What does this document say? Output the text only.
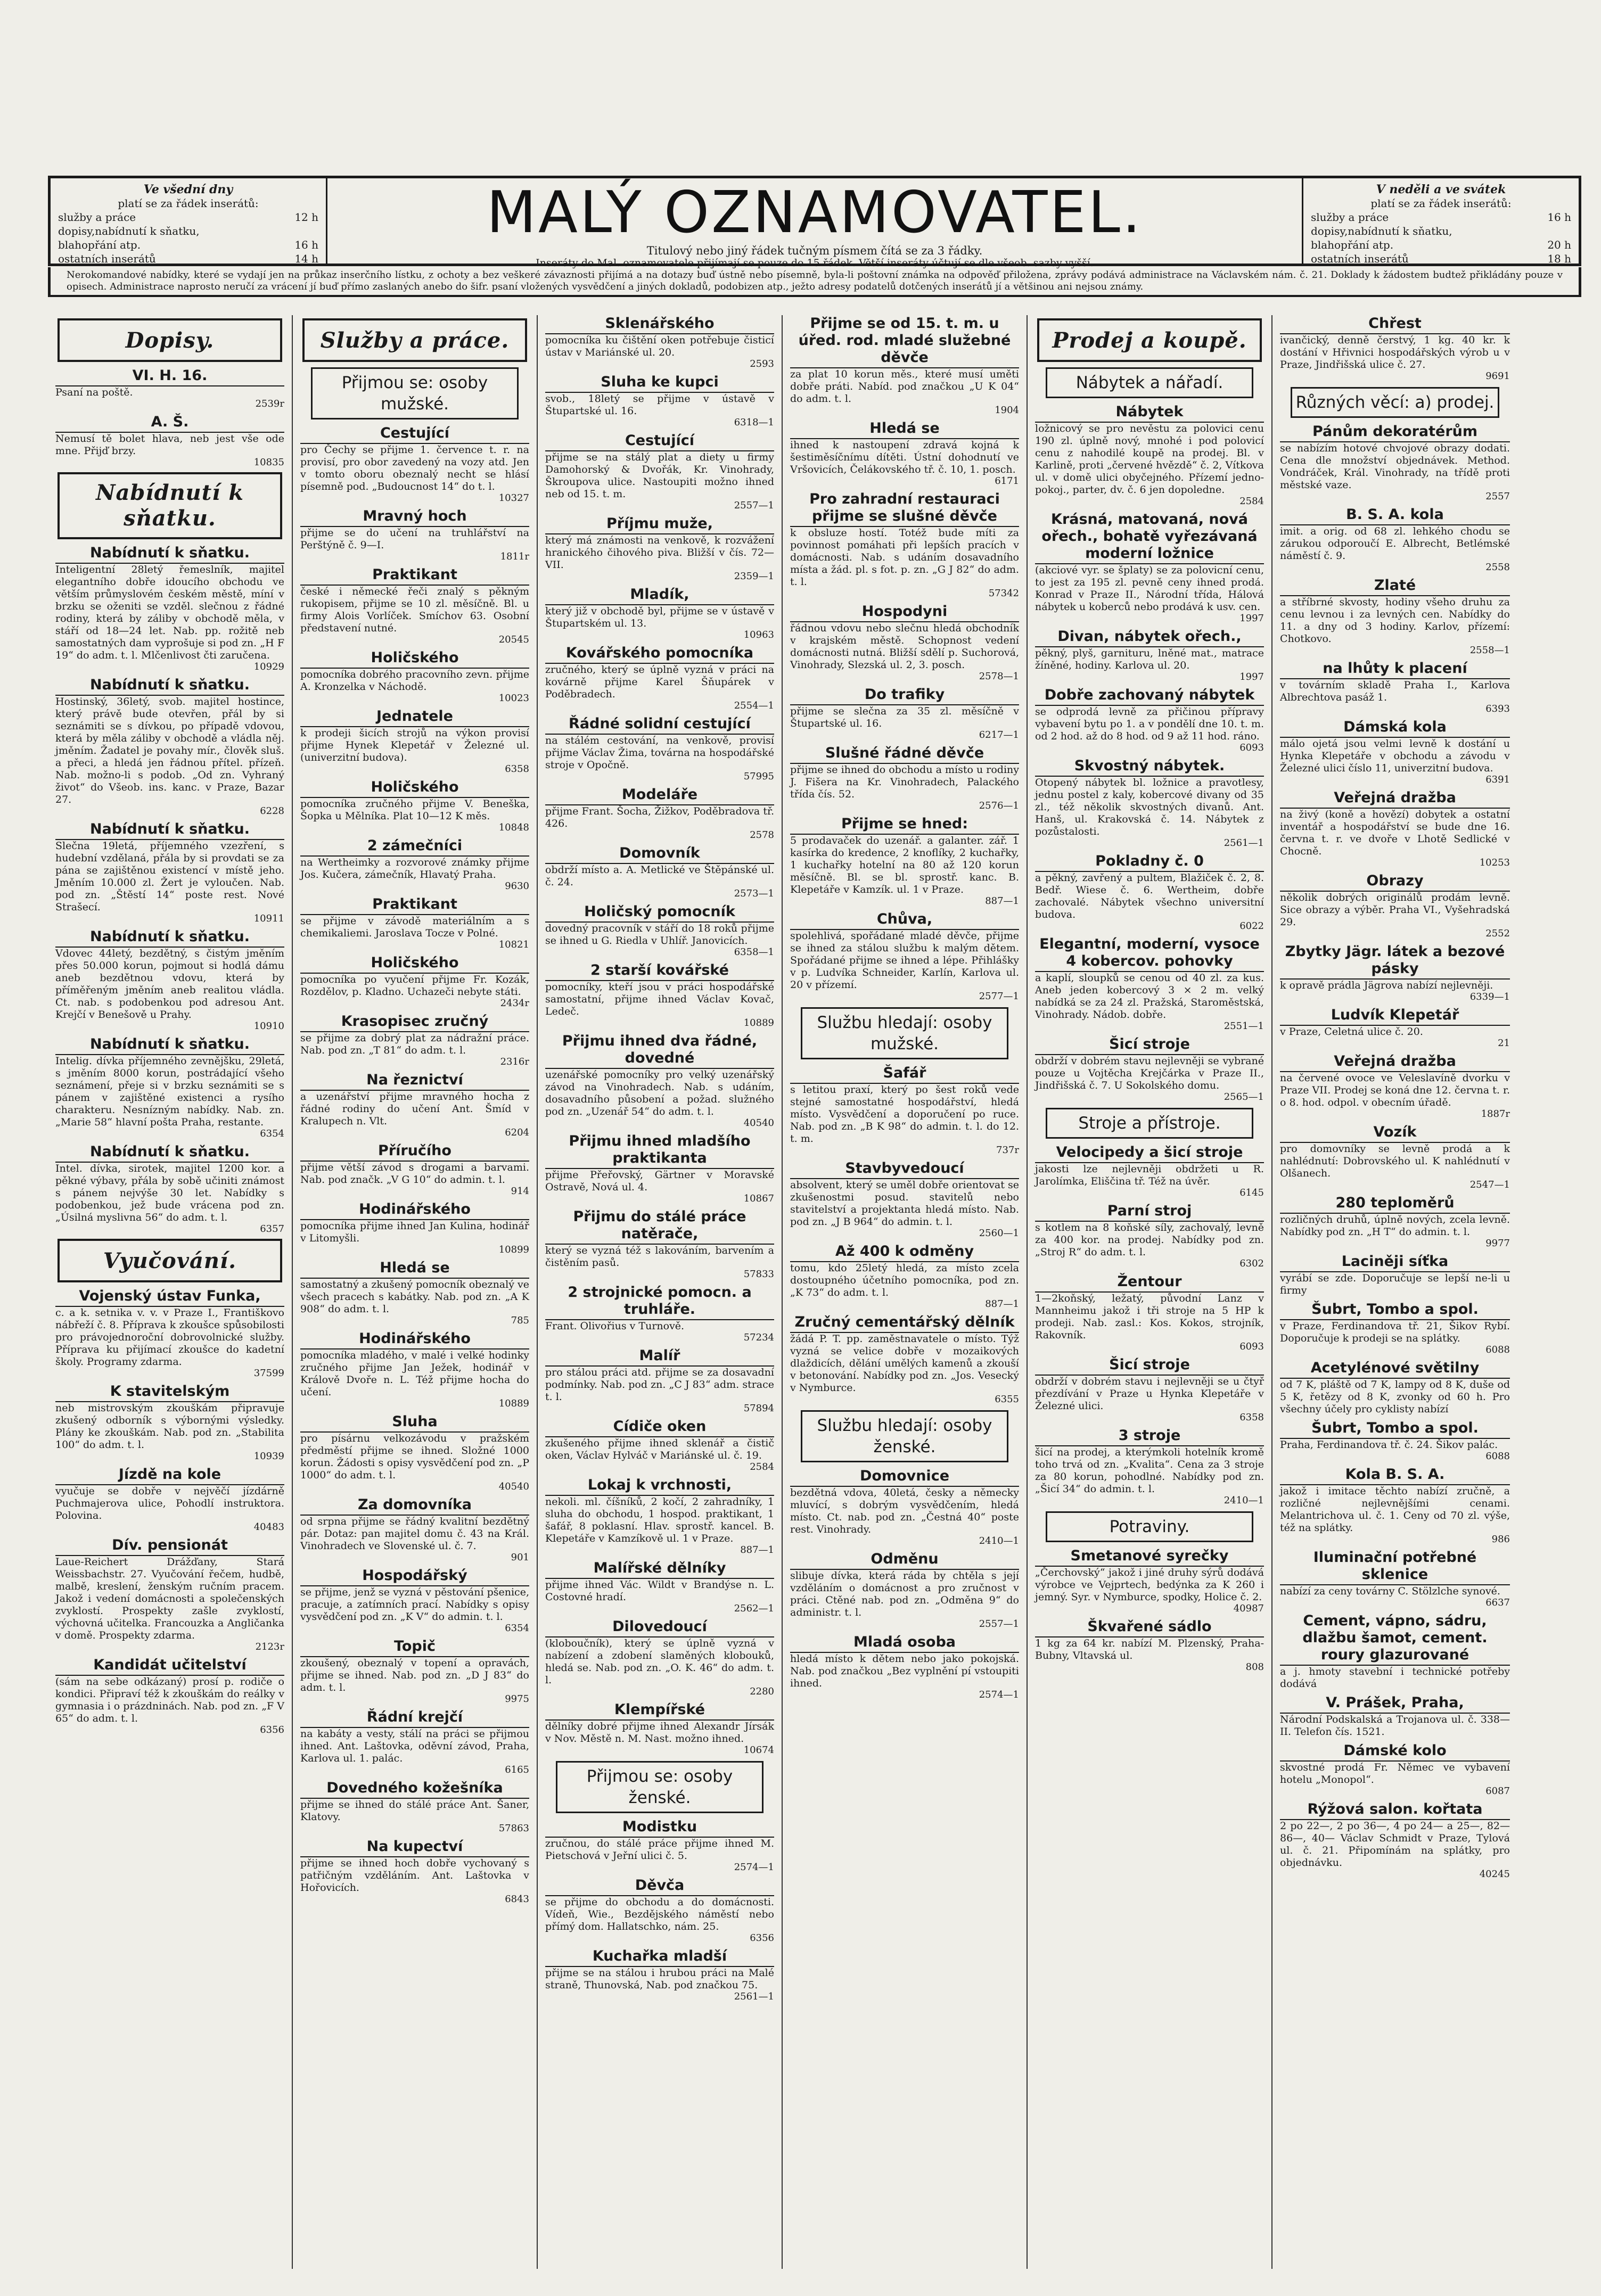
Ve všední dny
platí se za řádek inserátů:
služby a práce	12 h
dopisy,nabídnutí k sňatku,
blahopřání atp.	16 h
ostatních inserátů	14 h
MALÝ OZNAMOVATEL.
Titulový nebo jiný řádek tučným písmem čítá se za 3 řádky.
Inseráty do Mal. oznamovatele přijímají se pouze do 15 řádek. Větší inseráty účtují se dle všeob. sazby vyšší.
V neděli a ve svátek
platí se za řádek inserátů:
služby a práce	16 h
dopisy,nabídnutí k sňatku,
blahopřání atp.	20 h
ostatních inserátů	18 h
Nerokomandové nabídky, které se vydají jen na průkaz inserčního lístku, z ochoty a bez veškeré závaznosti přijímá a na dotazy buď ústně nebo písemně, byla-li poštovní známka na odpověď přiložena, zprávy podává administrace na Václavském nám. č. 21. Doklady k žádostem budtež přikládány pouze v opisech. Administrace naprosto neručí za vrácení jí buď přímo zaslaných anebo do šifr. psaní vložených vysvědčení a jiných dokladů, podobizen atp., ježto adresy podatelů dotčených inserátů jí a většinou ani nejsou známy.
Dopisy.
VI. H. 16.
Psaní na poště.
2539r
A. Š.
Nemusí tě bolet hlava, neb jest vše ode mne. Přijď brzy.
10835
Nabídnutí k sňatku.
Nabídnutí k sňatku.
Inteligentní 28letý řemeslník, majitel elegantního dobře idoucího obchodu ve větším průmyslovém českém městě, míní v brzku se oženiti se vzděl. slečnou z řádné rodiny, která by záliby v obchodě měla, v stáří od 18—24 let. Nab. pp. rožitě neb samostatných dam vyprošuje si pod zn. „H F 19“ do adm. t. l. Mlčenlivost čti zaručena.
10929
Nabídnutí k sňatku.
Hostinský, 36letý, svob. majitel hostince, který právě bude otevřen, přál by si seznámiti se s dívkou, po případě vdovou, která by měla záliby v obchodě a vládla něj. jměním. Žadatel je povahy mír., člověk sluš. a přeci, a hledá jen řádnou přítel. přízeň. Nab. možno-li s podob. „Od zn. Vyhraný život“ do Všeob. ins. kanc. v Praze, Bazar 27.
6228
Nabídnutí k sňatku.
Slečna 19letá, příjemného vzezření, s hudební vzdělaná, přála by si provdati se za pána se zajištěnou existencí v místě jeho. Jměním 10.000 zl. Žert je vyloučen. Nab. pod zn. „Štěstí 14“ poste rest. Nové Strašecí.
10911
Nabídnutí k sňatku.
Vdovec 44letý, bezdětný, s čistým jměním přes 50.000 korun, pojmout si hodlá dámu aneb bezdětnou vdovu, která by příměřeným jměním aneb realitou vládla. Ct. nab. s podobenkou pod adresou Ant. Krejčí v Benešově u Prahy.
10910
Nabídnutí k sňatku.
Intelig. dívka příjemného zevnějšku, 29letá, s jměním 8000 korun, postrádající všeho seznámení, přeje si v brzku seznámiti se s pánem v zajištěné existenci a rysího charakteru. Nesnízným nabídky. Nab. zn. „Marie 58“ hlavní pošta Praha, restante.
6354
Nabídnutí k sňatku.
Intel. dívka, sirotek, majitel 1200 kor. a pěkné výbavy, přála by sobě učiniti známost s pánem nejvýše 30 let. Nabídky s podobenkou, jež bude vrácena pod zn. „Úsilná myslivna 56“ do adm. t. l.
6357
Vyučování.
Vojenský ústav Funka,
c. a k. setnika v. v. v Praze I., Františkovo nábřeží č. 8. Příprava k zkoušce spůsobilosti pro právojednoroční dobrovolnické služby. Příprava ku přijímací zkoušce do kadetní školy. Programy zdarma.
37599
K stavitelským
neb mistrovským zkouškám připravuje zkušený odborník s výbornými výsledky. Plány ke zkouškám. Nab. pod zn. „Stabilita 100“ do adm. t. l.
10939
Jízdě na kole
vyučuje se dobře v nejvěčí jízdárně Puchmajerova ulice, Pohodlí instruktora. Polovina.
40483
Dív. pensionát
Laue-Reichert Drážďany, Stará Weissbachstr. 27. Vyučování řečem, hudbě, malbě, kreslení, ženským ručním pracem. Jakož i vedení domácnosti a společenských zvyklostí. Prospekty zašle zvyklostí, výchovná učitelka. Francouzka a Angličanka v domě. Prospekty zdarma.
2123r
Kandidát učitelství
(sám na sebe odkázaný) prosí p. rodiče o kondici. Připraví též k zkouškám do reálky v gymnasia i o prázdninách. Nab. pod zn. „F V 65“ do adm. t. l.
6356
Služby a práce.
Přijmou se: osoby mužské.
Cestující
pro Čechy se přijme 1. července t. r. na provisí, pro obor zavedený na vozy atd. Jen v tomto oboru obeznalý necht se hlásí písemně pod. „Budoucnost 14“ do t. l.
10327
Mravný hoch
přijme se do učení na truhlářství na Perštýně č. 9—I.
1811r
Praktikant
české i německé řeči znalý s pěkným rukopisem, přijme se 10 zl. měsíčně. Bl. u firmy Alois Vorlíček. Smíchov 63. Osobní představení nutné.
20545
Holičského
pomocníka dobrého pracovního zevn. přijme A. Kronzelka v Náchodě.
10023
Jednatele
k prodeji šicích strojů na výkon provisí přijme Hynek Klepetář v Železné ul. (univerzitní budova).
6358
Holičského
pomocníka zručného přijme V. Beneška, Šopka u Mělníka. Plat 10—12 K měs.
10848
2 zámečníci
na Wertheimky a rozvorové známky přijme Jos. Kučera, zámečník, Hlavatý Praha.
9630
Praktikant
se přijme v závodě materiálním a s chemikaliemi. Jaroslava Tocze v Polné.
10821
Holičského
pomocníka po vyučení přijme Fr. Kozák, Rozdělov, p. Kladno. Uchazeči nebyte státi.
2434r
Krasopisec zručný
se přijme za dobrý plat za nádražní práce. Nab. pod zn. „T 81“ do adm. t. l.
2316r
Na řeznictví
a uzenářství přijme mravného hocha z řádné rodiny do učení Ant. Šmíd v Kralupech n. Vlt.
6204
Příručího
přijme větší závod s drogami a barvami. Nab. pod značk. „V G 10“ do admin. t. l.
914
Hodinářského
pomocníka přijme ihned Jan Kulina, hodinář v Litomyšli.
10899
Hledá se
samostatný a zkušený pomocník obeznalý ve všech pracech s kabátky. Nab. pod zn. „A K 908“ do adm. t. l.
785
Hodinářského
pomocníka mladého, v malé i velké hodinky zručného přijme Jan Ježek, hodinář v Králově Dvoře n. L. Též přijme hocha do učení.
10889
Sluha
pro písárnu velkozávodu v pražském předměstí přijme se ihned. Složné 1000 korun. Žádosti s opisy vysvědčení pod zn. „P 1000“ do adm. t. l.
40540
Za domovníka
od srpna přijme se řádný kvalitní bezdětný pár. Dotaz: pan majitel domu č. 43 na Král. Vinohradech ve Slovenské ul. č. 7.
901
Hospodářský
se přijme, jenž se vyzná v pěstování pšenice, pracuje, a zatímních prací. Nabídky s opisy vysvědčení pod zn. „K V“ do admin. t. l.
6354
Topič
zkoušený, obeznalý v topení a opravách, přijme se ihned. Nab. pod zn. „D J 83“ do adm. t. l.
9975
Řádní krejčí
na kabáty a vesty, stálí na práci se přijmou ihned. Ant. Laštovka, oděvní závod, Praha, Karlova ul. 1. palác.
6165
Dovedného kožešníka
přijme se ihned do stálé práce Ant. Šaner, Klatovy.
57863
Na kupectví
přijme se ihned hoch dobře vychovaný s patřičným vzděláním. Ant. Laštovka v Hořovicích.
6843
Sklenářského
pomocníka ku čištění oken potřebuje čisticí ústav v Mariánské ul. 20.
2593
Sluha ke kupci
svob., 18letý se přijme v ústavě v Štupartské ul. 16.
6318—1
Cestující
přijme se na stálý plat a diety u firmy Damohorský & Dvořák, Kr. Vinohrady, Škroupova ulice. Nastoupiti možno ihned neb od 15. t. m.
2557—1
Příjmu muže,
který má známosti na venkově, k rozvážení hranického čihového piva. Bližší v čís. 72—VII.
2359—1
Mladík,
který již v obchodě byl, přijme se v ústavě v Štupartském ul. 13.
10963
Kovářského pomocníka
zručného, který se úplně vyzná v práci na kovárně přijme Karel Šňupárek v Poděbradech.
2554—1
Řádné solidní cestující
na stálém cestování, na venkově, provisí přijme Václav Žima, továrna na hospodářské stroje v Opočně.
57995
Modeláře
přijme Frant. Šocha, Žižkov, Poděbradova tř. 426.
2578
Domovník
obdrží místo a. A. Metlické ve Štěpánské ul. č. 24.
2573—1
Holičský pomocník
dovedný pracovník v stáří do 18 roků přijme se ihned u G. Riedla v Uhlíř. Janovicích.
6358—1
2 starší kovářské
pomocníky, kteří jsou v práci hospodářské samostatní, přijme ihned Václav Kovač, Ledeč.
10889
Přijmu ihned dva řádné, dovedné
uzenářské pomocníky pro velký uzenářský závod na Vinohradech. Nab. s udáním, dosavadního působení a požad. služného pod zn. „Uzenář 54“ do adm. t. l.
40540
Přijmu ihned mladšího praktikanta
přijme Přeřovský, Gärtner v Moravské Ostravě, Nová ul. 4.
10867
Přijmu do stálé práce natěrače,
který se vyzná též s lakováním, barvením a čistěním pasů.
57833
2 strojnické pomocn. a truhláře.
Frant. Olivořius v Turnově.
57234
Malíř
pro stálou práci atd. přijme se za dosavadní podmínky. Nab. pod zn. „C J 83“ adm. strace t. l.
57894
Cídiče oken
zkušeného přijme ihned sklenář a čistič oken, Václav Hylváč v Mariánské ul. č. 19.
2584
Lokaj k vrchnosti,
nekoli. ml. číšníků, 2 kočí, 2 zahradníky, 1 sluha do obchodu, 1 hospod. praktikant, 1 šafář, 8 poklasní. Hlav. sprostř. kancel. B. Klepetáře v Kamzíkově ul. 1 v Praze.
887—1
Malířské dělníky
přijme ihned Vác. Wildt v Brandýse n. L. Costovné hradí.
2562—1
Dilovedoucí
(kloboučník), který se úplně vyzná v nabízení a zdobení slaměných klobouků, hledá se. Nab. pod zn. „O. K. 46“ do adm. t. l.
2280
Klempířské
dělníky dobré přijme ihned Alexandr Jírsák v Nov. Městě n. M. Nast. možno ihned.
10674
Přijmou se: osoby ženské.
Modistku
zručnou, do stálé práce přijme ihned M. Pietschová v Jeřní ulici č. 5.
2574—1
Děvča
se přijme do obchodu a do domácnosti. Vídeň, Wie., Bezdějského náměstí nebo přímý dom. Hallatschko, nám. 25.
6356
Kuchařka mladší
přijme se na stálou i hrubou práci na Malé straně, Thunovská, Nab. pod značkou 75.
2561—1
Přijme se od 15. t. m. u úřed. rod. mladé služebné děvče
za plat 10 korun měs., které musí uměti dobře práti. Nabíd. pod značkou „U K 04“ do adm. t. l.
1904
Hledá se
ihned k nastoupení zdravá kojná k šestiměsíčnímu dítěti. Ústní dohodnutí ve Vršovicích, Čelákovského tř. č. 10, 1. posch.
6171
Pro zahradní restauraci přijme se slušné děvče
k obsluze hostí. Totéž bude míti za povinnost pomáhati při lepších pracích v domácnosti. Nab. s udáním dosavadního místa a žád. pl. s fot. p. zn. „G J 82“ do adm. t. l.
57342
Hospodyni
řádnou vdovu nebo slečnu hledá obchodník v krajském městě. Schopnost vedení domácnosti nutná. Bližší sdělí p. Suchorová, Vinohrady, Slezská ul. 2, 3. posch.
2578—1
Do trafiky
přijme se slečna za 35 zl. měsíčně v Štupartské ul. 16.
6217—1
Slušné řádné děvče
přijme se ihned do obchodu a místo u rodiny J. Fišera na Kr. Vinohradech, Palackého třída čís. 52.
2576—1
Přijme se hned:
5 prodavaček do uzenář. a galanter. zář. 1 kasírka do kredence, 2 knoflíky, 2 kuchařky, 1 kuchařky hotelní na 80 až 120 korun měsíčně. Bl. se bl. sprostř. kanc. B. Klepetáře v Kamzík. ul. 1 v Praze.
887—1
Chůva,
spolehlivá, spořádané mladé děvče, přijme se ihned za stálou službu k malým dětem. Spořádané přijme se ihned a lépe. Přihlášky v p. Ludvíka Schneider, Karlín, Karlova ul. 20 v přízemí.
2577—1
Službu hledají: osoby mužské.
Šafář
s letitou praxí, který po šest roků vede stejné samostatné hospodářství, hledá místo. Vysvědčení a doporučení po ruce. Nab. pod zn. „B K 98“ do admin. t. l. do 12. t. m.
737r
Stavbyvedoucí
absolvent, který se uměl dobře orientovat se zkušenostmi posud. stavitelů nebo stavitelství a projektanta hledá místo. Nab. pod zn. „J B 964“ do admin. t. l.
2560—1
Až 400 k odměny
tomu, kdo 25letý hledá, za místo zcela dostoupného účetního pomocníka, pod zn. „K 73“ do adm. t. l.
887—1
Zručný cementářský dělník
žádá P. T. pp. zaměstnavatele o místo. Týž vyzná se velice dobře v mozaikových dlaždicích, dělání umělých kamenů a zkouší v betonování. Nabídky pod zn. „Jos. Vesecký v Nymburce.
6355
Službu hledají: osoby ženské.
Domovnice
bezdětná vdova, 40letá, česky a německy mluvící, s dobrým vysvědčením, hledá místo. Ct. nab. pod zn. „Čestná 40“ poste rest. Vinohrady.
2410—1
Odměnu
slibuje dívka, která ráda by chtěla s její vzděláním o domácnost a pro zručnost v práci. Ctěné nab. pod zn. „Odměna 9“ do administr. t. l.
2557—1
Mladá osoba
hledá místo k dětem nebo jako pokojská. Nab. pod značkou „Bez vyplnění pí vstoupiti ihned.
2574—1
Prodej a koupě.
Nábytek a nářadí.
Nábytek
ložnicový se pro nevěstu za polovici cenu 190 zl. úplně nový, mnohé i pod polovicí cenu z nahodilé koupě na prodej. Bl. v Karlině, proti „červené hvězdě“ č. 2, Vítkova ul. v domě ulici obyčejného. Přízemí jedno-pokoj., parter, dv. č. 6 jen dopoledne.
2584
Krásná, matovaná, nová ořech., bohatě vyřezávaná moderní ložnice
(akciové vyr. se šplaty) se za polovicní cenu, to jest za 195 zl. pevně ceny ihned prodá. Konrad v Praze II., Národní třída, Hálová nábytek u koberců nebo prodává k usv. cen.
1997
Divan, nábytek ořech.,
pěkný, plyš, garnituru, lněné mat., matrace žíněné, hodiny. Karlova ul. 20.
1997
Dobře zachovaný nábytek
se odprodá levně za přičinou přípravy vybavení bytu po 1. a v pondělí dne 10. t. m. od 2 hod. až do 8 hod. od 9 až 11 hod. ráno.
6093
Skvostný nábytek.
Otopený nábytek bl. ložnice a pravotlesy, jednu postel z kaly, kobercové divany od 35 zl., též několik skvostných divanů. Ant. Hanš, ul. Krakovská č. 14. Nábytek z pozůstalosti.
2561—1
Pokladny č. 0
a pěkný, zavřený a pultem, Blažiček č. 2, 8. Bedř. Wiese č. 6. Wertheim, dobře zachovalé. Nábytek všechno universitní budova.
6022
Elegantní, moderní, vysoce 4 kobercov. pohovky
a kaplí, sloupků se cenou od 40 zl. za kus. Aneb jeden kobercový 3 × 2 m. velký nabídká se za 24 zl. Pražská, Staroměstská, Vinohrady. Nádob. dobře.
2551—1
Šicí stroje
obdrží v dobrém stavu nejlevněji se vybrané pouze u Vojtěcha Krejčárka v Praze II., Jindřišská č. 7. U Sokolského domu.
2565—1
Stroje a přístroje.
Velocipedy a šicí stroje
jakosti lze nejlevněji obdržeti u R. Jarolímka, Eliščina tř. Též na úvěr.
6145
Parní stroj
s kotlem na 8 koňské síly, zachovalý, levně za 400 kor. na prodej. Nabídky pod zn. „Stroj R“ do adm. t. l.
6302
Žentour
1—2koňský, ležatý, původní Lanz v Mannheimu jakož i tři stroje na 5 HP k prodeji. Nab. zasl.: Kos. Kokos, strojník, Rakovník.
6093
Šicí stroje
obdrží v dobrém stavu i nejlevněji se u čtyř přezdívání v Praze u Hynka Klepetáře v Železné ulici.
6358
3 stroje
šicí na prodej, a kterýmkoli hotelník kromě toho trvá od zn. „Kvalita“. Cena za 3 stroje za 80 korun, pohodlné. Nabídky pod zn. „Šicí 34“ do admin. t. l.
2410—1
Potraviny.
Smetanové syrečky
„Čerchovský“ jakož i jiné druhy sýrů dodává výrobce ve Vejprtech, bedýnka za K 260 i jemný. Syr. v Nymburce, spodky, Holice č. 2.
40987
Škvařené sádlo
1 kg za 64 kr. nabízí M. Plzenský, Praha-Bubny, Vltavská ul.
808
Chřest
ivančický, denně čerstvý, 1 kg. 40 kr. k dostání v Hřivnici hospodářských výrob u v Praze, Jindřišská ulice č. 27.
9691
Různých věcí: a) prodej.
Pánům dekoratérům
se nabízím hotové chvojové obrazy dodati. Cena dle množství objednávek. Method. Vondráček, Král. Vinohrady, na třídě proti městské vaze.
2557
B. S. A. kola
imit. a orig. od 68 zl. lehkého chodu se zárukou odporoučí E. Albrecht, Betlémské náměstí č. 9.
2558
Zlaté
a stříbrné skvosty, hodiny všeho druhu za cenu levnou i za levných cen. Nabídky do 11. a dny od 3 hodiny. Karlov, přízemí: Chotkovo.
2558—1
na lhůty k placení
v továrním skladě Praha I., Karlova Albrechtova pasáž 1.
6393
Dámská kola
málo ojetá jsou velmi levně k dostání u Hynka Klepetáře v obchodu a závodu v Železné ulici číslo 11, univerzitní budova.
6391
Veřejná dražba
na živý (koně a hovězí) dobytek a ostatní inventář a hospodářství se bude dne 16. června t. r. ve dvoře v Lhotě Sedlické v Chocně.
10253
Obrazy
několik dobrých originálů prodám levně. Sice obrazy a výběr. Praha VI., Vyšehradská 29.
2552
Zbytky Jägr. látek a bezové pásky
k opravě prádla Jägrova nabízí nejlevněji.
6339—1
Ludvík Klepetář
v Praze, Celetná ulice č. 20.
21
Veřejná dražba
na červené ovoce ve Veleslavíně dvorku v Praze VII. Prodej se koná dne 12. června t. r. o 8. hod. odpol. v obecním úřadě.
1887r
Vozík
pro domovníky se levně prodá a k nahlédnutí: Dobrovského ul. K nahlédnutí v Olšanech.
2547—1
280 teploměrů
rozličných druhů, úplně nových, zcela levně. Nabídky pod zn. „H T“ do admin. t. l.
9977
Laciněji síťka
vyrábí se zde. Doporučuje se lepší ne-li u firmy
Šubrt, Tombo a spol.
v Praze, Ferdinandova tř. 21, Šikov Rybí. Doporučuje k prodeji se na splátky.
6088
Acetylénové světilny
od 7 K, pláště od 7 K, lampy od 8 K, duše od 5 K, řetězy od 8 K, zvonky od 60 h. Pro všechny účely pro cyklisty nabízí
Šubrt, Tombo a spol.
Praha, Ferdinandova tř. č. 24. Šikov palác.
6088
Kola B. S. A.
jakož i imitace těchto nabízí zručně, a rozličné nejlevnějšími cenami. Melantrichova ul. č. 1. Ceny od 70 zl. výše, též na splátky.
986
Iluminační potřebné sklenice
nabízí za ceny továrny C. Stölzlche synové.
6637
Cement, vápno, sádru, dlažbu šamot, cement. roury glazurované
a j. hmoty stavební i technické potřeby dodává
V. Prášek, Praha,
Národní Podskalská a Trojanova ul. č. 338—II. Telefon čís. 1521.
Dámské kolo
skvostné prodá Fr. Němec ve vybavení hotelu „Monopol“.
6087
Rýžová salon. kořtata
2 po 22—, 2 po 36—, 4 po 24— a 25—, 82— 86—, 40— Václav Schmidt v Praze, Tylová ul. č. 21. Připomínám na splátky, pro objednávku.
40245
